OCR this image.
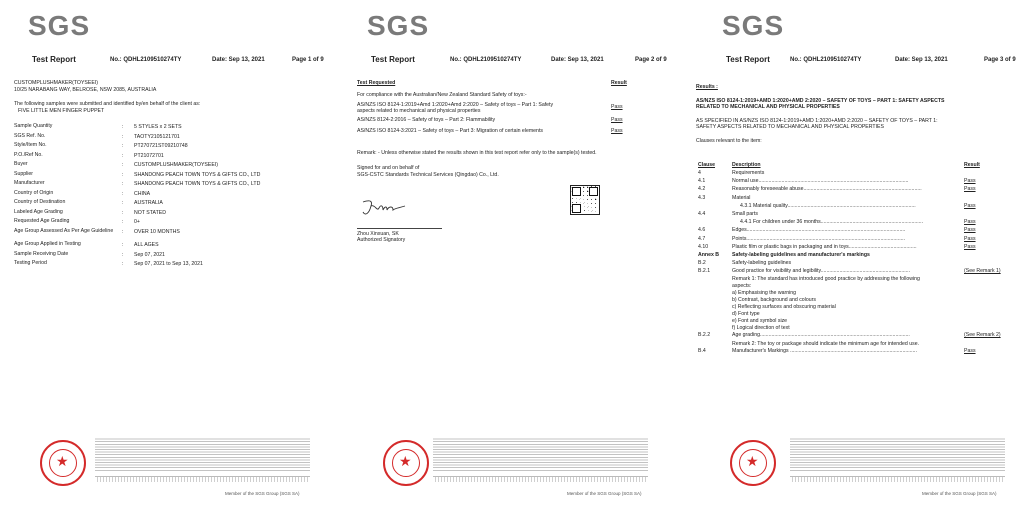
SGS
Test Report	No.: QDHL2109510274TY	Date: Sep 13, 2021	Page 1 of 9
CUSTOMPLUSHMAKER(TOYSEEI)
10/25 NARABANG WAY, BELROSE, NSW 2085, AUSTRALIA
The following samples were submitted and identified by/en behalf of the client as:
FIVE LITTLE MEN FINGER PUPPET
Sample Quantity	: 5 STYLES x 2 SETS
SGS Ref. No.	: TAOTY2105121701
Style/Item No.	: PT270721ST09210748
P.O./Ref No.	: PT21072701
Buyer	: CUSTOMPLUSHMAKER(TOYSEEI)
Supplier	: SHANDONG PEACH TOWN TOYS & GIFTS CO., LTD
Manufacturer	: SHANDONG PEACH TOWN TOYS & GIFTS CO., LTD
Country of Origin	: CHINA
Country of Destination	: AUSTRALIA
Labeled Age Grading	: NOT STATED
Requested Age Grading	: 0+
Age Group Assessed As Per Age Guideline : OVER 10 MONTHS
Age Group Applied in Testing	: ALL AGES
Sample Receiving Date	: Sep 07, 2021
Testing Period	: Sep 07, 2021 to Sep 13, 2021
★
Member of the SGS Group (SGS SA)
SGS
Test Report	No.: QDHL2109510274TY	Date: Sep 13, 2021	Page 2 of 9
Test Requested	Result
For compliance with the Australian/New Zealand Standard Safety of toys:-
AS/NZS ISO 8124-1:2019+Amd 1:2020+Amd 2:2020 – Safety of toys – Part 1: Safety
aspects related to mechanical and physical properties
Pass
AS/NZS 8124-2:2016 – Safety of toys – Part 2: Flammability	Pass
AS/NZS ISO 8124-3:2021 – Safety of toys – Part 3: Migration of certain elements	Pass
Remark: - Unless otherwise stated the results shown in this test report refer only to the sample(s) tested.
Signed for and on behalf of
SGS-CSTC Standards Technical Services (Qingdao) Co., Ltd.
Zhou Xinxuan, SK
Authorized Signatory
★
Member of the SGS Group (SGS SA)
SGS
Test Report	No.: QDHL2109510274TY	Date: Sep 13, 2021	Page 3 of 9
Results :
AS/NZS ISO 8124-1:2019+AMD 1:2020+AMD 2:2020 – SAFETY OF TOYS – PART 1: SAFETY ASPECTS
RELATED TO MECHANICAL AND PHYSICAL PROPERTIES
AS SPECIFIED IN AS/NZS ISO 8124-1:2019+AMD 1:2020+AMD 2:2020 – SAFETY OF TOYS – PART 1:
SAFETY ASPECTS RELATED TO MECHANICAL AND PHYSICAL PROPERTIES
Clauses relevant to the item:
Clause	Description	Result
4	Requirements
4.1	Normal use........................................................................................................	Pass
4.2	Reasonably foreseeable abuse..................................................................................	Pass
4.3	Material
4.3.1 Material quality.........................................................................................	Pass
4.4	Small parts
4.4.1 For children under 36 months.......................................................................	Pass
4.6	Edges..............................................................................................................	Pass
4.7	Points..............................................................................................................	Pass
4.10	Plastic film or plastic bags in packaging and in toys...............................................	Pass
Annex B Safety-labeling guidelines and manufacturer's markings
B.2	Safety-labeling guidelines
B.2.1	Good practice for visibility and legibility..............................................................	(See Remark 1)
Remark 1: The standard has introduced good practice by addressing the following
aspects:
a) Emphasising the warning
b) Contrast, background and colours
c) Reflecting surfaces and obscuring material
d) Font type
e) Font and symbol size
f) Logical direction of text
B.2.2	Age grading........................................................................................................	(See Remark 2)
Remark 2: The toy or package should indicate the minimum age for intended use.
B.4	Manufacturer's Markings ........................................................................................	Pass
★
Member of the SGS Group (SGS SA)
